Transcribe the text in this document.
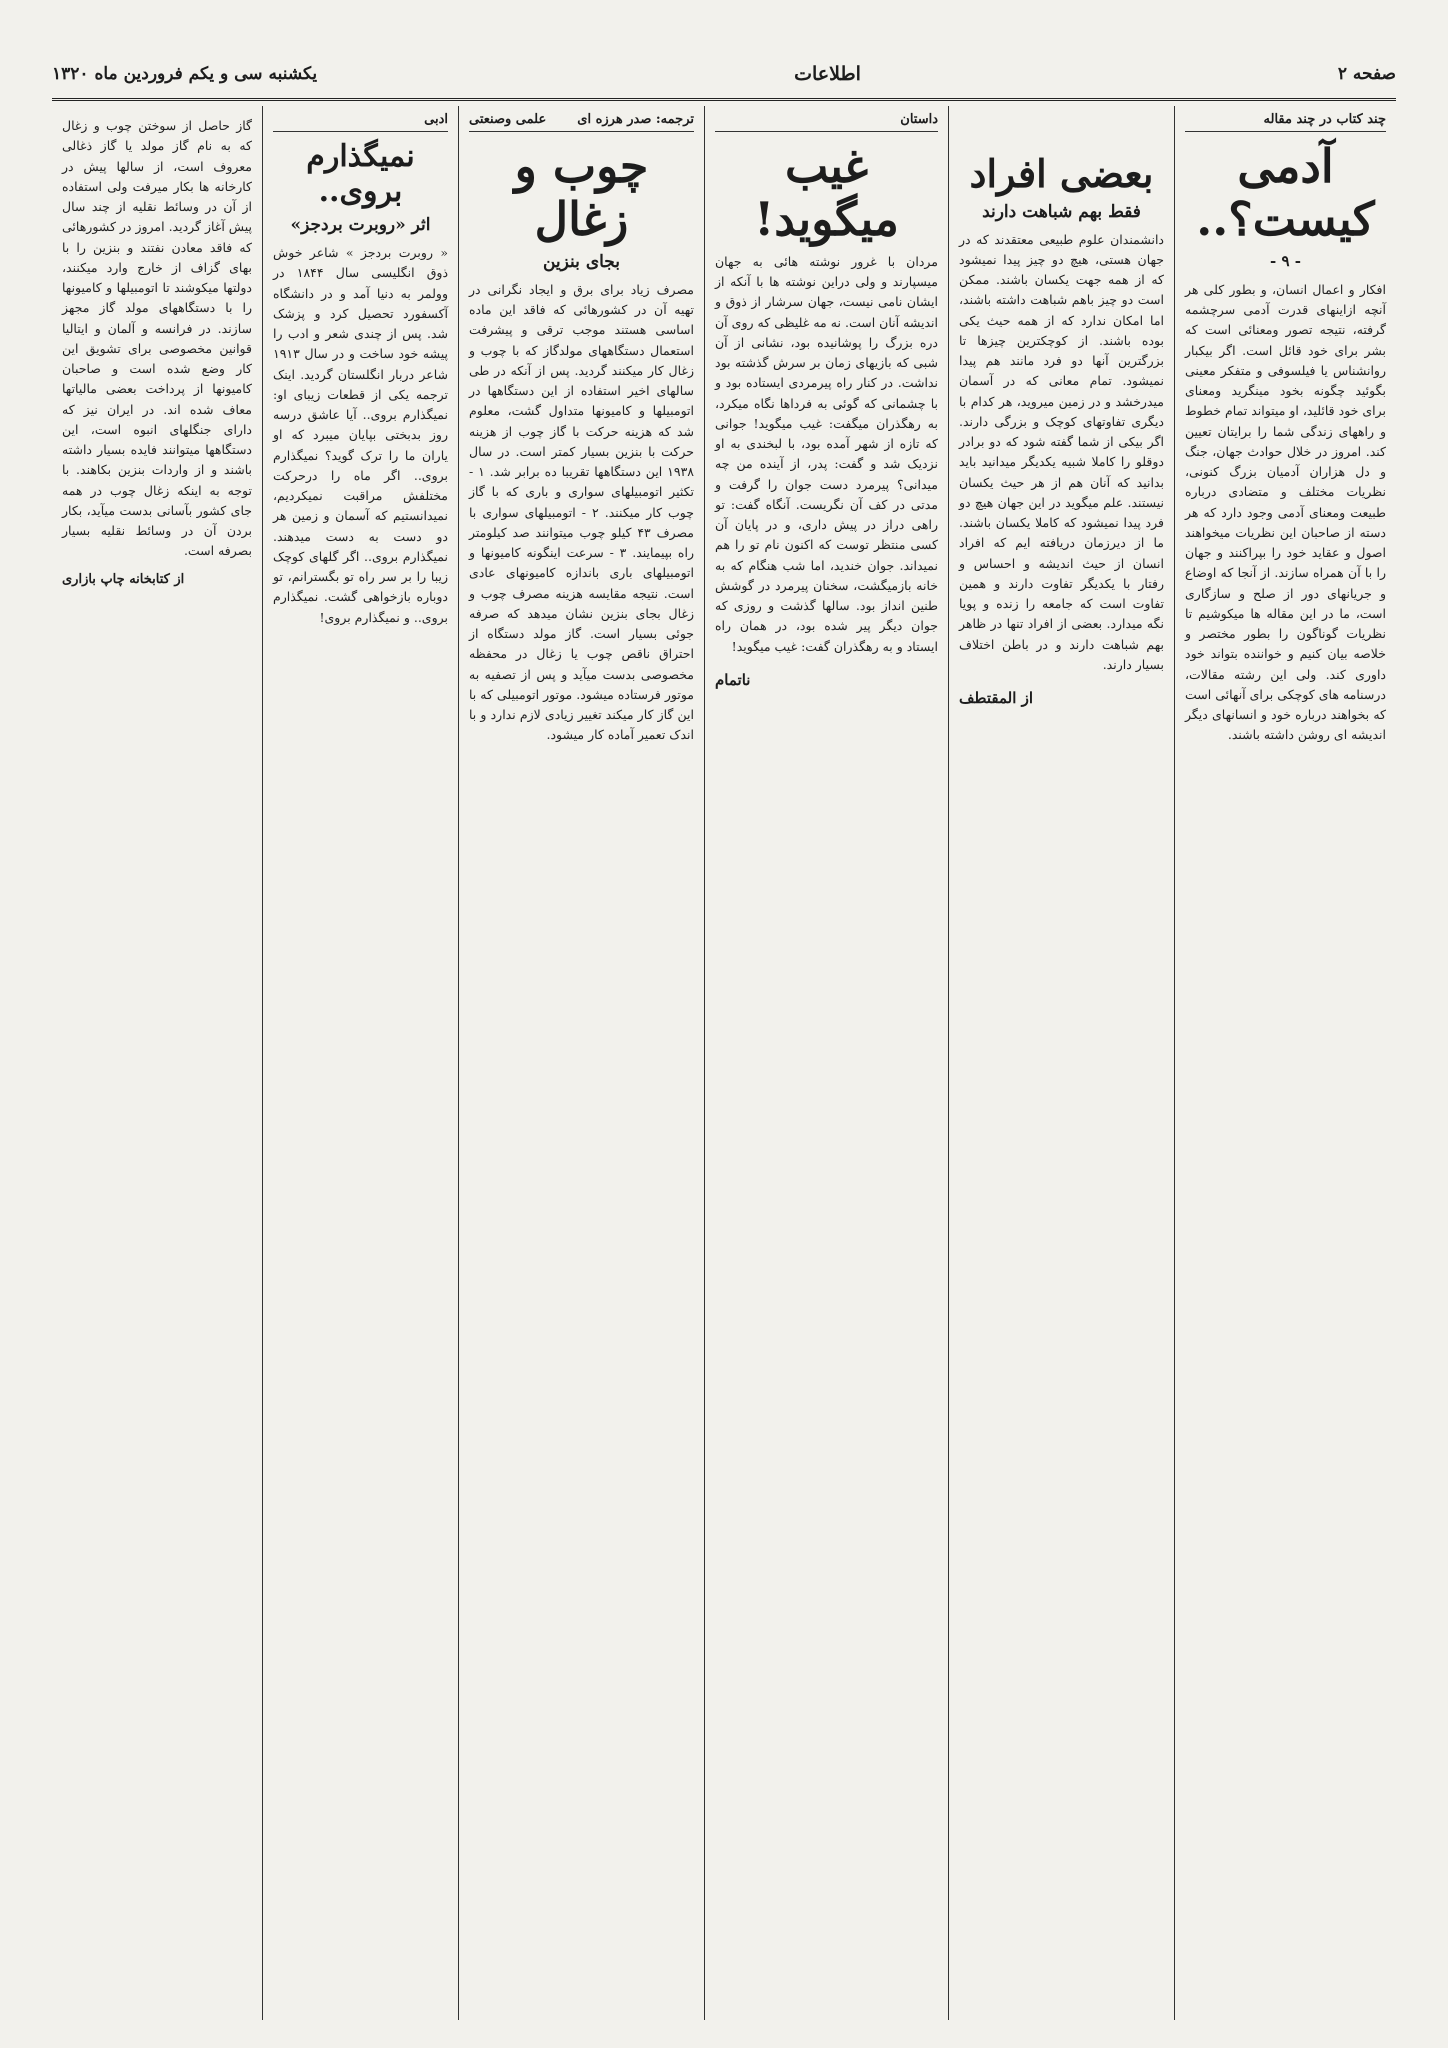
صفحه ۲
اطلاعات
یکشنبه سی و یکم فروردین ماه ۱۳۲۰
چند کتاب در چند مقاله
آدمی کیست؟..
- ۹ -
افکار و اعمال انسان، و بطور کلی هر آنچه ازاینهای قدرت آدمی سرچشمه گرفته، نتیجه تصور ومعنائی است که بشر برای خود قائل است. اگر بیکبار روانشناس یا فیلسوفی و متفکر معینی بگوئید چگونه بخود مینگرید ومعنای برای خود قائلید، او میتواند تمام خطوط و راههای زندگی شما را برایتان تعیین کند. امروز در خلال حوادث جهان، جنگ و دل هزاران آدمیان بزرگ کنونی، نظریات مختلف و متضادی درباره طبیعت ومعنای آدمی وجود دارد که هر دسته از صاحبان این نظریات میخواهند اصول و عقاید خود را بپراکنند و جهان را با آن همراه سازند. از آنجا که اوضاع و جریانهای دور از صلح و سازگاری است، ما در این مقاله ها میکوشیم تا نظریات گوناگون را بطور مختصر و خلاصه بیان کنیم و خواننده بتواند خود داوری کند. ولی این رشته مقالات، درسنامه های کوچکی برای آنهائی است که بخواهند درباره خود و انسانهای دیگر اندیشه ای روشن داشته باشند.
بعضی افراد
فقط بهم شباهت دارند
دانشمندان علوم طبیعی معتقدند که در جهان هستی، هیچ دو چیز پیدا نمیشود که از همه جهت یکسان باشند. ممکن است دو چیز باهم شباهت داشته باشند، اما امکان ندارد که از همه حیث یکی بوده باشند. از کوچکترین چیزها تا بزرگترین آنها دو فرد مانند هم پیدا نمیشود. تمام معانی که در آسمان میدرخشد و در زمین میروید، هر کدام با دیگری تفاوتهای کوچک و بزرگی دارند. اگر بیکی از شما گفته شود که دو برادر دوقلو را کاملا شبیه یکدیگر میدانید باید بدانید که آنان هم از هر حیث یکسان نیستند. علم میگوید در این جهان هیچ دو فرد پیدا نمیشود که کاملا یکسان باشند. ما از دیرزمان دریافته ایم که افراد انسان از حیث اندیشه و احساس و رفتار با یکدیگر تفاوت دارند و همین تفاوت است که جامعه را زنده و پویا نگه میدارد. بعضی از افراد تنها در ظاهر بهم شباهت دارند و در باطن اختلاف بسیار دارند.
از المقتطف
داستان
غیب میگوید!
مردان با غرور نوشته هائی به جهان میسپارند و ولی دراین نوشته ها با آنکه از ایشان نامی نیست، جهان سرشار از ذوق و اندیشه آنان است. نه مه غلیظی که روی آن دره بزرگ را پوشانیده بود، نشانی از آن شبی که بازیهای زمان بر سرش گذشته بود نداشت. در کنار راه پیرمردی ایستاده بود و با چشمانی که گوئی به فرداها نگاه میکرد، به رهگذران میگفت: غیب میگوید! جوانی که تازه از شهر آمده بود، با لبخندی به او نزدیک شد و گفت: پدر، از آینده من چه میدانی؟ پیرمرد دست جوان را گرفت و مدتی در کف آن نگریست. آنگاه گفت: تو راهی دراز در پیش داری، و در پایان آن کسی منتظر توست که اکنون نام تو را هم نمیداند. جوان خندید، اما شب هنگام که به خانه بازمیگشت، سخنان پیرمرد در گوشش طنین انداز بود. سالها گذشت و روزی که جوان دیگر پیر شده بود، در همان راه ایستاد و به رهگذران گفت: غیب میگوید!
ناتمام
ترجمه: صدر هرزه ای
علمی وصنعتی
چوب و زغال
بجای بنزین
مصرف زیاد برای برق و ایجاد نگرانی در تهیه آن در کشورهائی که فاقد این ماده اساسی هستند موجب ترقی و پیشرفت استعمال دستگاههای مولدگاز که با چوب و زغال کار میکنند گردید. پس از آنکه در طی سالهای اخیر استفاده از این دستگاهها در اتومبیلها و کامیونها متداول گشت، معلوم شد که هزینه حرکت با گاز چوب از هزینه حرکت با بنزین بسیار کمتر است. در سال ۱۹۳۸ این دستگاهها تقریبا ده برابر شد. ۱ - تکثیر اتومبیلهای سواری و باری که با گاز چوب کار میکنند. ۲ - اتومبیلهای سواری با مصرف ۴۳ کیلو چوب میتوانند صد کیلومتر راه بپیمایند. ۳ - سرعت اینگونه کامیونها و اتومبیلهای باری باندازه کامیونهای عادی است. نتیجه مقایسه هزینه مصرف چوب و زغال بجای بنزین نشان میدهد که صرفه جوئی بسیار است. گاز مولد دستگاه از احتراق ناقص چوب یا زغال در محفظه مخصوصی بدست میآید و پس از تصفیه به موتور فرستاده میشود. موتور اتومبیلی که با این گاز کار میکند تغییر زیادی لازم ندارد و با اندک تعمیر آماده کار میشود.
ادبی
نمیگذارم بروی..
اثر «روبرت بردجز»
« روبرت بردجز » شاعر خوش ذوق انگلیسی سال ۱۸۴۴ در وولمر به دنیا آمد و در دانشگاه آکسفورد تحصیل کرد و پزشک شد. پس از چندی شعر و ادب را پیشه خود ساخت و در سال ۱۹۱۳ شاعر دربار انگلستان گردید. اینک ترجمه یکی از قطعات زیبای او: نمیگذارم بروی.. آیا عاشق درسه روز بدبختی بپایان میبرد که او یاران ما را ترک گوید؟ نمیگذارم بروی.. اگر ماه را درحرکت مختلفش مراقبت نمیکردیم، نمیدانستیم که آسمان و زمین هر دو دست به دست میدهند. نمیگذارم بروی.. اگر گلهای کوچک زیبا را بر سر راه تو بگسترانم، تو دوباره بازخواهی گشت. نمیگذارم بروی.. و نمیگذارم بروی!
گاز حاصل از سوختن چوب و زغال که به نام گاز مولد یا گاز ذغالی معروف است، از سالها پیش در کارخانه ها بکار میرفت ولی استفاده از آن در وسائط نقلیه از چند سال پیش آغاز گردید. امروز در کشورهائی که فاقد معادن نفتند و بنزین را با بهای گزاف از خارج وارد میکنند، دولتها میکوشند تا اتومبیلها و کامیونها را با دستگاههای مولد گاز مجهز سازند. در فرانسه و آلمان و ایتالیا قوانین مخصوصی برای تشویق این کار وضع شده است و صاحبان کامیونها از پرداخت بعضی مالیاتها معاف شده اند. در ایران نیز که دارای جنگلهای انبوه است، این دستگاهها میتوانند فایده بسیار داشته باشند و از واردات بنزین بکاهند. با توجه به اینکه زغال چوب در همه جای کشور بآسانی بدست میآید، بکار بردن آن در وسائط نقلیه بسیار بصرفه است.
از کتابخانه چاپ بازاری
